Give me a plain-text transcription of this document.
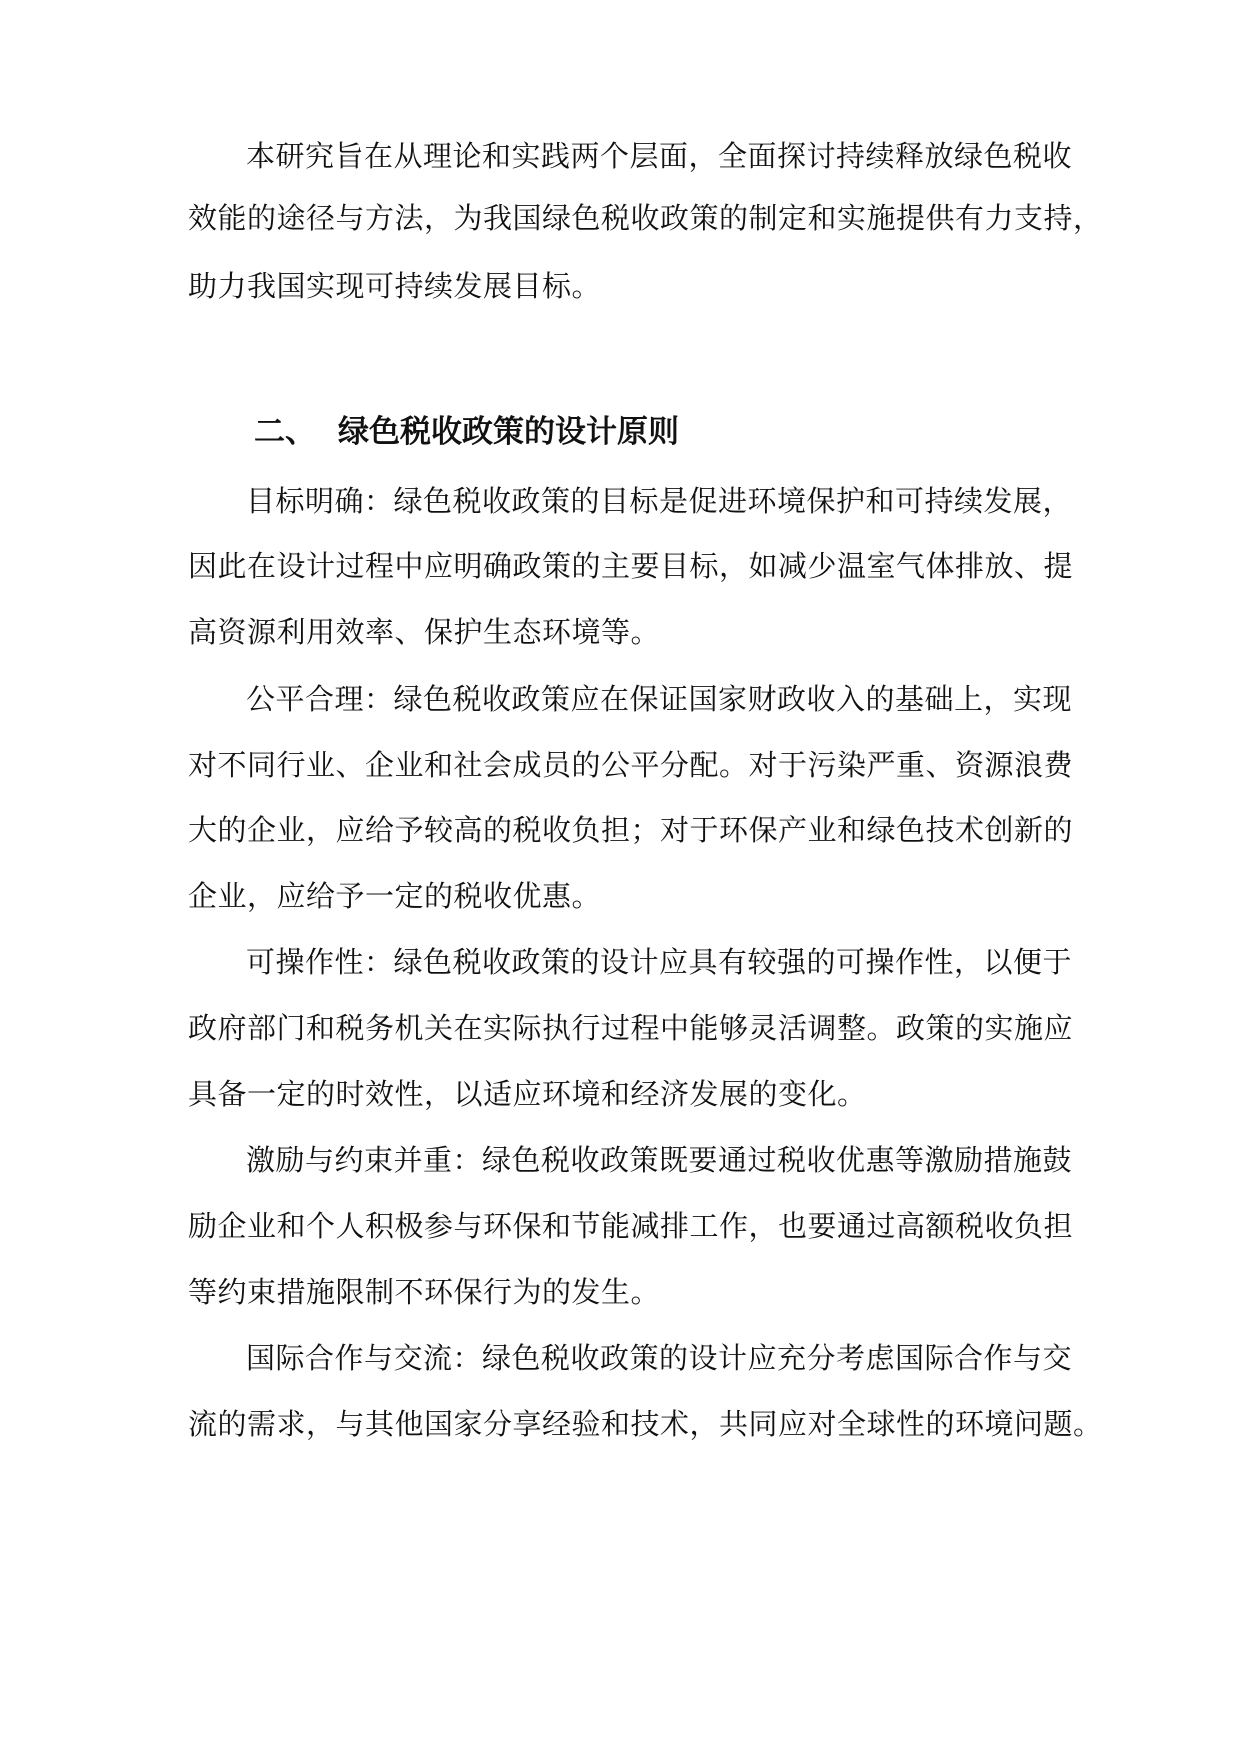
本研究旨在从理论和实践两个层面，全面探讨持续释放绿色税收
效能的途径与方法，为我国绿色税收政策的制定和实施提供有力支持，
助力我国实现可持续发展目标。
二、 绿色税收政策的设计原则
目标明确：绿色税收政策的目标是促进环境保护和可持续发展，
因此在设计过程中应明确政策的主要目标，如减少温室气体排放、提
高资源利用效率、保护生态环境等。
公平合理：绿色税收政策应在保证国家财政收入的基础上，实现
对不同行业、企业和社会成员的公平分配。对于污染严重、资源浪费
大的企业，应给予较高的税收负担；对于环保产业和绿色技术创新的
企业，应给予一定的税收优惠。
可操作性：绿色税收政策的设计应具有较强的可操作性，以便于
政府部门和税务机关在实际执行过程中能够灵活调整。政策的实施应
具备一定的时效性，以适应环境和经济发展的变化。
激励与约束并重：绿色税收政策既要通过税收优惠等激励措施鼓
励企业和个人积极参与环保和节能减排工作，也要通过高额税收负担
等约束措施限制不环保行为的发生。
国际合作与交流：绿色税收政策的设计应充分考虑国际合作与交
流的需求，与其他国家分享经验和技术，共同应对全球性的环境问题。
